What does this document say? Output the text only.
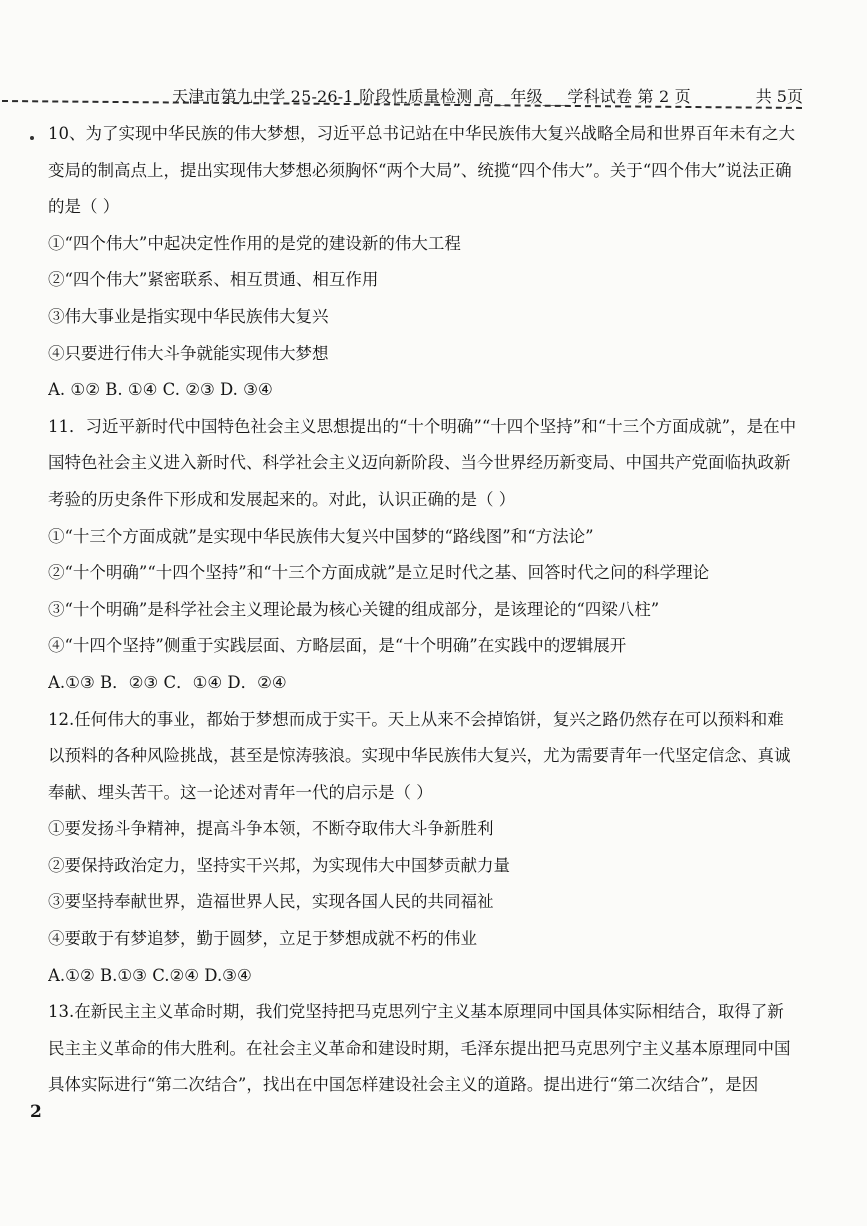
天津市第九中学 25-26-1 阶段性质量检测 高__年级___学科试卷 第 2 页	共 5页
10、为了实现中华民族的伟大梦想，习近平总书记站在中华民族伟大复兴战略全局和世界百年未有之大
变局的制高点上，提出实现伟大梦想必须胸怀“两个大局”、统揽“四个伟大”。关于“四个伟大”说法正确
的是（ ）
①“四个伟大”中起决定性作用的是党的建设新的伟大工程
②“四个伟大”紧密联系、相互贯通、相互作用
③伟大事业是指实现中华民族伟大复兴
④只要进行伟大斗争就能实现伟大梦想
A. ①② B. ①④ C. ②③ D. ③④
11．习近平新时代中国特色社会主义思想提出的“十个明确”“十四个坚持”和“十三个方面成就”，是在中
国特色社会主义进入新时代、科学社会主义迈向新阶段、当今世界经历新变局、中国共产党面临执政新
考验的历史条件下形成和发展起来的。对此，认识正确的是（ ）
①“十三个方面成就”是实现中华民族伟大复兴中国梦的“路线图”和“方法论”
②“十个明确”“十四个坚持”和“十三个方面成就”是立足时代之基、回答时代之问的科学理论
③“十个明确”是科学社会主义理论最为核心关键的组成部分，是该理论的“四梁八柱”
④“十四个坚持”侧重于实践层面、方略层面，是“十个明确”在实践中的逻辑展开
A.①③ B．②③ C．①④ D．②④
12.任何伟大的事业，都始于梦想而成于实干。天上从来不会掉馅饼，复兴之路仍然存在可以预料和难
以预料的各种风险挑战，甚至是惊涛骇浪。实现中华民族伟大复兴，尤为需要青年一代坚定信念、真诚
奉献、埋头苦干。这一论述对青年一代的启示是（ ）
①要发扬斗争精神，提高斗争本领，不断夺取伟大斗争新胜利
②要保持政治定力，坚持实干兴邦，为实现伟大中国梦贡献力量
③要坚持奉献世界，造福世界人民，实现各国人民的共同福祉
④要敢于有梦追梦，勤于圆梦，立足于梦想成就不朽的伟业
A.①② B.①③ C.②④ D.③④
13.在新民主主义革命时期，我们党坚持把马克思列宁主义基本原理同中国具体实际相结合，取得了新
民主主义革命的伟大胜利。在社会主义革命和建设时期，毛泽东提出把马克思列宁主义基本原理同中国
具体实际进行“第二次结合”，找出在中国怎样建设社会主义的道路。提出进行“第二次结合”，是因
2
